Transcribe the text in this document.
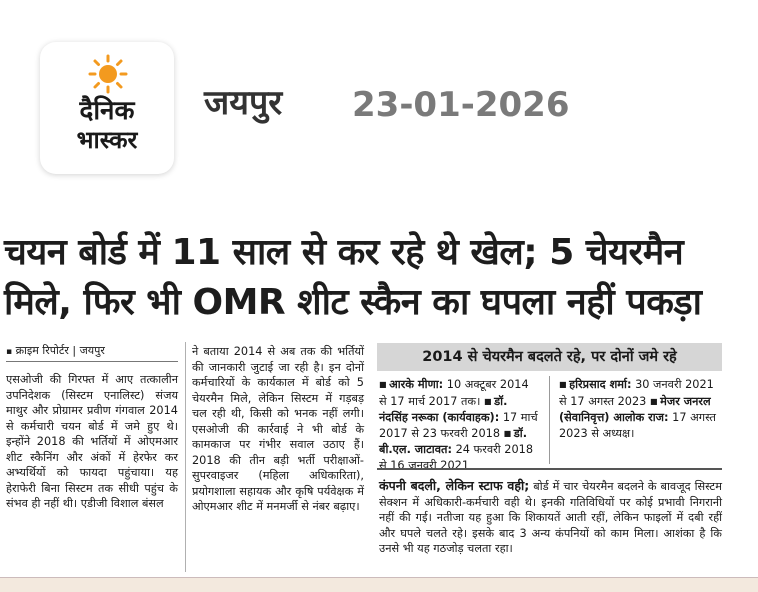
दैनिक
भास्कर
जयपुर 23-01-2026
चयन बोर्ड में 11 साल से कर रहे थे खेल; 5 चेयरमैन
मिले, फिर भी OMR शीट स्कैन का घपला नहीं पकड़ा
▪ क्राइम रिपोर्टर | जयपुर
एसओजी की गिरफ्त में आए तत्कालीन उपनिदेशक (सिस्टम एनालिस्ट) संजय माथुर और प्रोग्रामर प्रवीण गंगवाल 2014 से कर्मचारी चयन बोर्ड में जमे हुए थे। इन्होंने 2018 की भर्तियों में ओएमआर शीट स्कैनिंग और अंकों में हेरफेर कर अभ्यर्थियों को फायदा पहुंचाया। यह हेराफेरी बिना सिस्टम तक सीधी पहुंच के संभव ही नहीं थी। एडीजी विशाल बंसल
ने बताया 2014 से अब तक की भर्तियों की जानकारी जुटाई जा रही है। इन दोनों कर्मचारियों के कार्यकाल में बोर्ड को 5 चेयरमैन मिले, लेकिन सिस्टम में गड़बड़ चल रही थी, किसी को भनक नहीं लगी। एसओजी की कार्रवाई ने भी बोर्ड के कामकाज पर गंभीर सवाल उठाए हैं। 2018 की तीन बड़ी भर्ती परीक्षाओं-सुपरवाइजर (महिला अधिकारिता), प्रयोगशाला सहायक और कृषि पर्यवेक्षक में ओएमआर शीट में मनमर्जी से नंबर बढ़ाए।
2014 से चेयरमैन बदलते रहे, पर दोनों जमे रहे
■ आरके मीणा: 10 अक्टूबर 2014 से 17 मार्च 2017 तक। ■ डॉ. नंदसिंह नरूका (कार्यवाहक): 17 मार्च 2017 से 23 फरवरी 2018 ■ डॉ. बी.एल. जाटावत: 24 फरवरी 2018 से 16 जनवरी 2021
■ हरिप्रसाद शर्मा: 30 जनवरी 2021 से 17 अगस्त 2023 ■ मेजर जनरल (सेवानिवृत्त) आलोक राज: 17 अगस्त 2023 से अध्यक्ष।
कंपनी बदली, लेकिन स्टाफ वही; बोर्ड में चार चेयरमैन बदलने के बावजूद सिस्टम सेक्शन में अधिकारी-कर्मचारी वही थे। इनकी गतिविधियों पर कोई प्रभावी निगरानी नहीं की गई। नतीजा यह हुआ कि शिकायतें आती रहीं, लेकिन फाइलों में दबी रहीं और घपले चलते रहे। इसके बाद 3 अन्य कंपनियों को काम मिला। आशंका है कि उनसे भी यह गठजोड़ चलता रहा।
